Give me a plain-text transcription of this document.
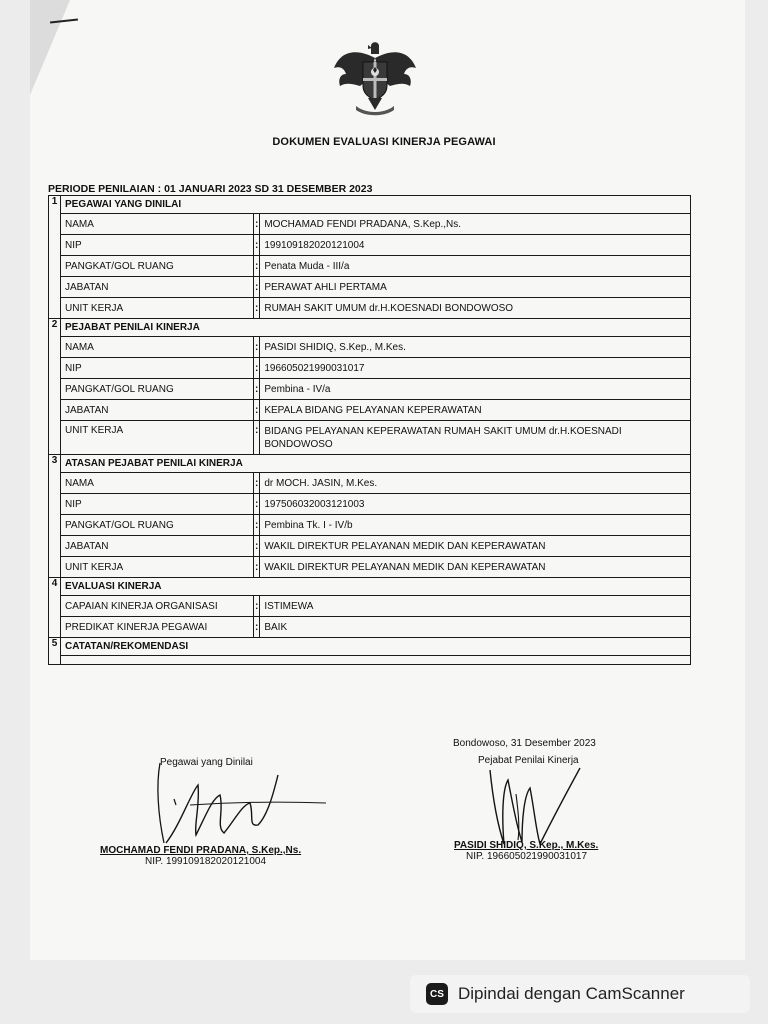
DOKUMEN EVALUASI KINERJA PEGAWAI
PERIODE PENILAIAN : 01 JANUARI 2023 SD 31 DESEMBER 2023
1	PEGAWAI YANG DINILAI		
	NAMA	:	MOCHAMAD FENDI PRADANA, S.Kep.,Ns.
	NIP	:	199109182020121004
	PANGKAT/GOL RUANG	:	Penata Muda - III/a
	JABATAN	:	PERAWAT AHLI PERTAMA
	UNIT KERJA	:	RUMAH SAKIT UMUM dr.H.KOESNADI BONDOWOSO
2	PEJABAT PENILAI KINERJA		
	NAMA	:	PASIDI SHIDIQ, S.Kep., M.Kes.
	NIP	:	196605021990031017
	PANGKAT/GOL RUANG	:	Pembina - IV/a
	JABATAN	:	KEPALA BIDANG PELAYANAN KEPERAWATAN
	UNIT KERJA	:	BIDANG PELAYANAN KEPERAWATAN RUMAH SAKIT UMUM dr.H.KOESNADI BONDOWOSO
3	ATASAN PEJABAT PENILAI KINERJA		
	NAMA	:	dr MOCH. JASIN, M.Kes.
	NIP	:	197506032003121003
	PANGKAT/GOL RUANG	:	Pembina Tk. I - IV/b
	JABATAN	:	WAKIL DIREKTUR PELAYANAN MEDIK DAN KEPERAWATAN
	UNIT KERJA	:	WAKIL DIREKTUR PELAYANAN MEDIK DAN KEPERAWATAN
4	EVALUASI KINERJA		
	CAPAIAN KINERJA ORGANISASI	:	ISTIMEWA
	PREDIKAT KINERJA PEGAWAI	:	BAIK
5	CATATAN/REKOMENDASI		

Pegawai yang Dinilai
MOCHAMAD FENDI PRADANA, S.Kep.,Ns.
NIP. 199109182020121004
Bondowoso, 31 Desember 2023
Pejabat Penilai Kinerja
PASIDI SHIDIQ, S.Kep., M.Kes.
NIP. 196605021990031017
CS Dipindai dengan CamScanner
